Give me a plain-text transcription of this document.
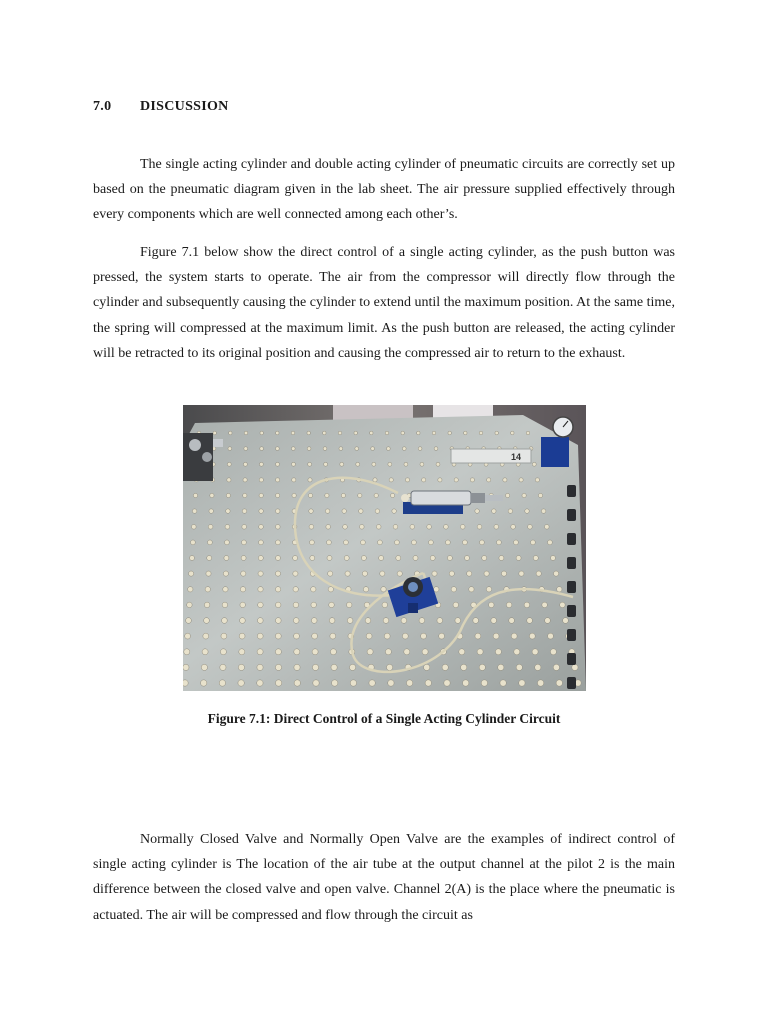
7.0 DISCUSSION

The single acting cylinder and double acting cylinder of pneumatic circuits are correctly set up based on the pneumatic diagram given in the lab sheet. The air pressure supplied effectively through every components which are well connected among each other’s.

Figure 7.1 below show the direct control of a single acting cylinder, as the push button was pressed, the system starts to operate. The air from the compressor will directly flow through the cylinder and subsequently causing the cylinder to extend until the maximum position. At the same time, the spring will compressed at the maximum limit. As the push button are released, the acting cylinder will be retracted to its original position and causing the compressed air to return to the exhaust.

14
Figure 7.1: Direct Control of a Single Acting Cylinder Circuit

Normally Closed Valve and Normally Open Valve are the examples of indirect control of single acting cylinder is The location of the air tube at the output channel at the pilot 2 is the main difference between the closed valve and open valve. Channel 2(A) is the place where the pneumatic is actuated. The air will be compressed and flow through the circuit as
